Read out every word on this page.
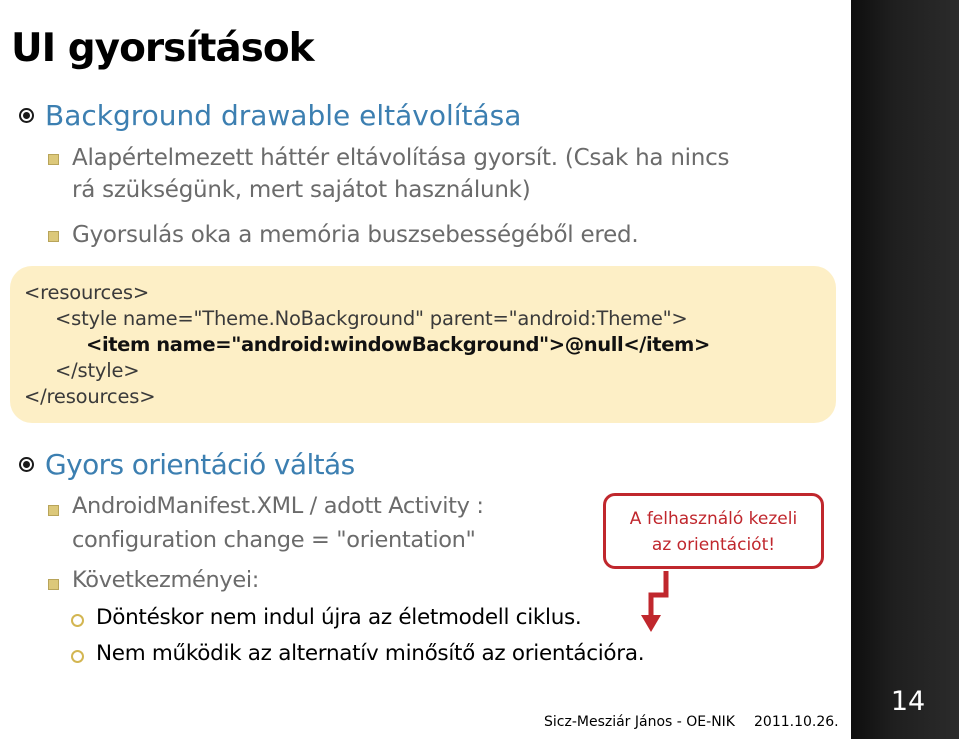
UI gyorsítások
Background drawable eltávolítása
Alapértelmezett háttér eltávolítása gyorsít. (Csak ha nincs
rá szükségünk, mert sajátot használunk)
Gyorsulás oka a memória buszsebességéből ered.
<resources>
<style name="Theme.NoBackground" parent="android:Theme">
<item name="android:windowBackground">@null</item>
</style>
</resources>
Gyors orientáció váltás
AndroidManifest.XML / adott Activity :
configuration change = "orientation"
Következményei:
Döntéskor nem indul újra az életmodell ciklus.
Nem működik az alternatív minősítő az orientációra.
A felhasználó kezeli
az orientációt!
Sicz-Mesziár János - OE-NIK 2011.10.26.
14
